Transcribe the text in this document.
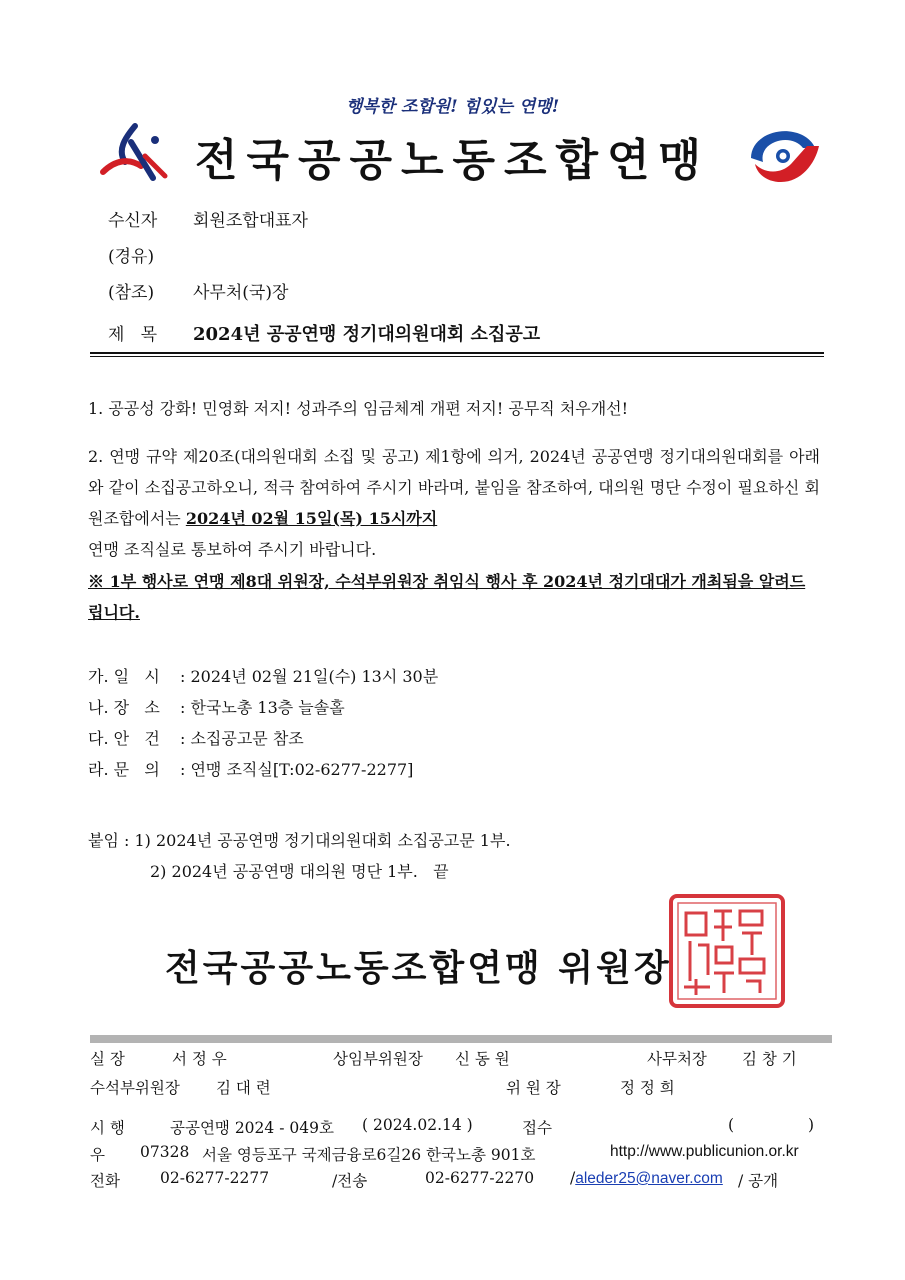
행복한 조합원! 힘있는 연맹!
전국공공노동조합연맹
수신자 회원조합대표자
(경유)
(참조) 사무처(국)장
제   목 2024년 공공연맹 정기대의원대회 소집공고
1. 공공성 강화! 민영화 저지! 성과주의 임금체계 개편 저지! 공무직 처우개선!
2. 연맹 규약 제20조(대의원대회 소집 및 공고) 제1항에 의거, 2024년 공공연맹 정기대의원대회를 아래와 같이 소집공고하오니, 적극 참여하여 주시기 바라며, 붙임을 참조하여, 대의원 명단 수정이 필요하신 회원조합에서는 2024년 02월 15일(목) 15시까지
연맹 조직실로 통보하여 주시기 바랍니다.
※ 1부 행사로 연맹 제8대 위원장, 수석부위원장 취임식 행사 후 2024년 정기대대가 개최됨을 알려드립니다.
가. 일   시 : 2024년 02월 21일(수) 13시 30분
나. 장   소 : 한국노총 13층 늘솔홀
다. 안   건 : 소집공고문 참조
라. 문   의 : 연맹 조직실[T:02-6277-2277]
붙임 : 1) 2024년 공공연맹 정기대의원대회 소집공고문 1부.
2) 2024년 공공연맹 대의원 명단 1부.   끝
전국공공노동조합연맹 위원장
실 장	서 정 우	상임부위원장 신 동 원	사무처장 김 창 기
수석부위원장 김 대 련	위 원 장	정 정 희
시 행	공공연맹 2024 - 049호 ( 2024.02.14 )	접수	(               )
우 07328 서울 영등포구 국제금융로6길26 한국노총 901호	http://www.publicunion.or.kr
전화	02-6277-2277	/전송	02-6277-2270 /aleder25@naver.com / 공개
